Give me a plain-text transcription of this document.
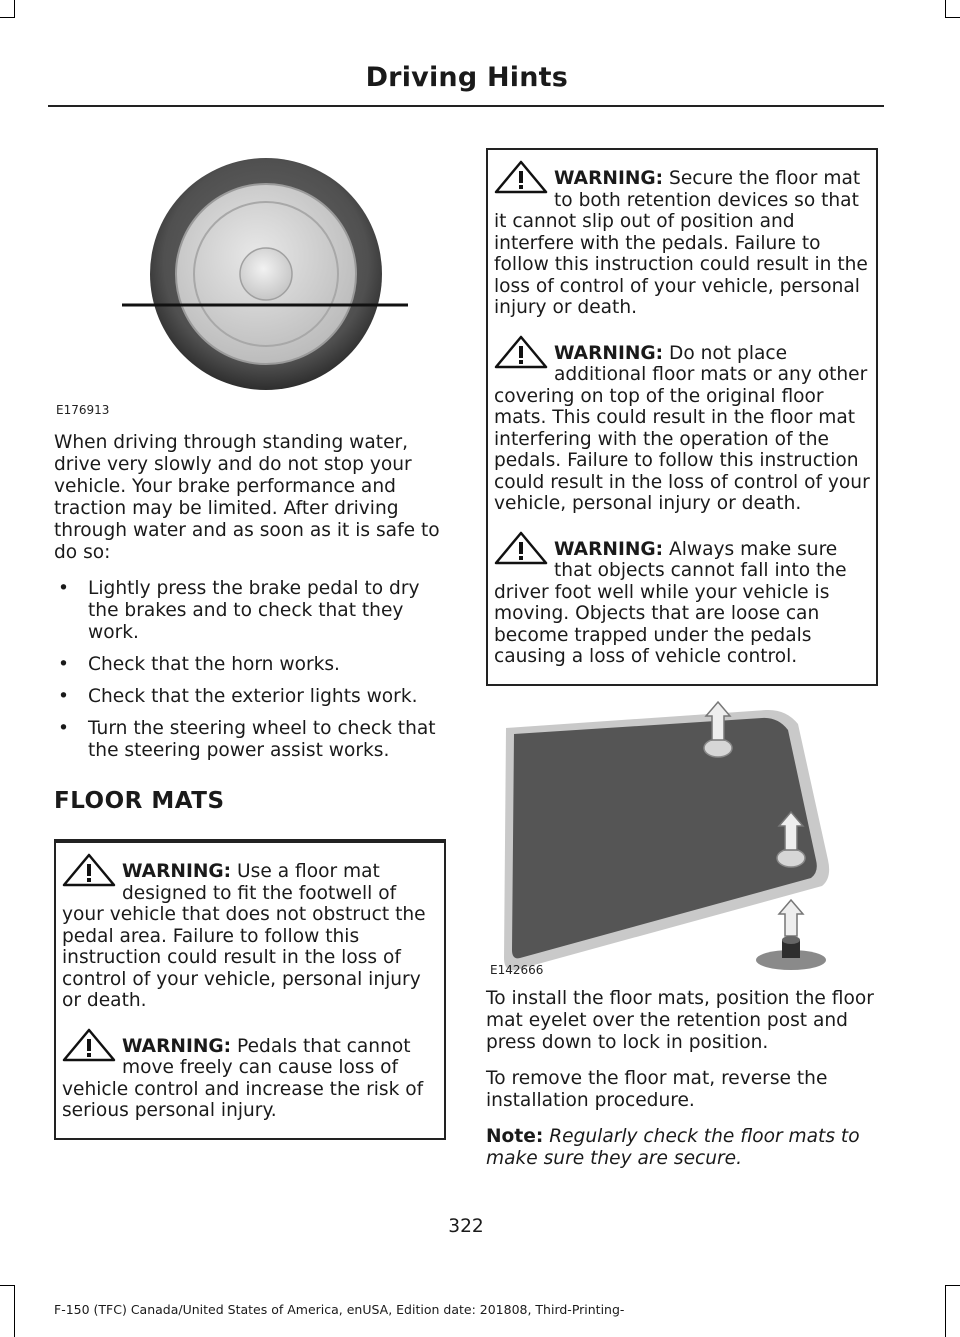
Driving Hints
E176913

When driving through standing water, drive very slowly and do not stop your vehicle. Your brake performance and traction may be limited. After driving through water and as soon as it is safe to do so:

• Lightly press the brake pedal to dry the brakes and to check that they work.
• Check that the horn works.
• Check that the exterior lights work.
• Turn the steering wheel to check that the steering power assist works.
FLOOR MATS
WARNING: Use a floor mat designed to fit the footwell of your vehicle that does not obstruct the pedal area. Failure to follow this instruction could result in the loss of control of your vehicle, personal injury or death.
WARNING: Pedals that cannot move freely can cause loss of vehicle control and increase the risk of serious personal injury.
WARNING: Secure the floor mat to both retention devices so that it cannot slip out of position and interfere with the pedals. Failure to follow this instruction could result in the loss of control of your vehicle, personal injury or death.
WARNING: Do not place additional floor mats or any other covering on top of the original floor mats. This could result in the floor mat interfering with the operation of the pedals. Failure to follow this instruction could result in the loss of control of your vehicle, personal injury or death.
WARNING: Always make sure that objects cannot fall into the driver foot well while your vehicle is moving. Objects that are loose can become trapped under the pedals causing a loss of vehicle control.
E142666

To install the floor mats, position the floor mat eyelet over the retention post and press down to lock in position.

To remove the floor mat, reverse the installation procedure.

Note: Regularly check the floor mats to make sure they are secure.

322
F-150 (TFC) Canada/United States of America, enUSA, Edition date: 201808, Third-Printing-
